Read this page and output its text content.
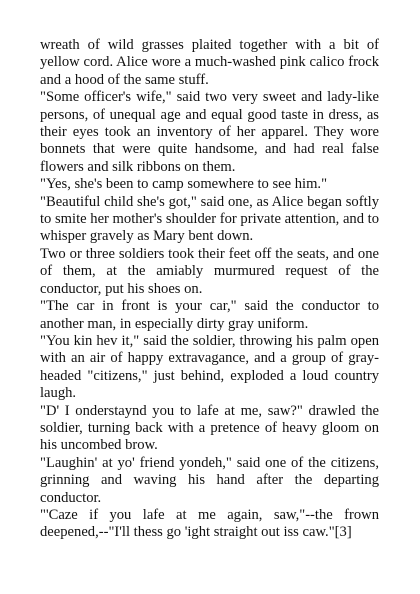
wreath of wild grasses plaited together with a bit of yellow cord. Alice wore a much-washed pink calico frock and a hood of the same stuff.

"Some officer's wife," said two very sweet and lady-like persons, of unequal age and equal good taste in dress, as their eyes took an inventory of her apparel. They wore bonnets that were quite handsome, and had real false flowers and silk ribbons on them.

"Yes, she's been to camp somewhere to see him."

"Beautiful child she's got," said one, as Alice began softly to smite her mother's shoulder for private attention, and to whisper gravely as Mary bent down.

Two or three soldiers took their feet off the seats, and one of them, at the amiably murmured request of the conductor, put his shoes on.

"The car in front is your car," said the conductor to another man, in especially dirty gray uniform.

"You kin hev it," said the soldier, throwing his palm open with an air of happy extravagance, and a group of gray-headed "citizens," just behind, exploded a loud country laugh.

"D' I onderstaynd you to lafe at me, saw?" drawled the soldier, turning back with a pretence of heavy gloom on his uncombed brow.

"Laughin' at yo' friend yondeh," said one of the citizens, grinning and waving his hand after the departing conductor.

"'Caze if you lafe at me again, saw,"--the frown deepened,--"I'll thess go 'ight straight out iss caw."[3]
